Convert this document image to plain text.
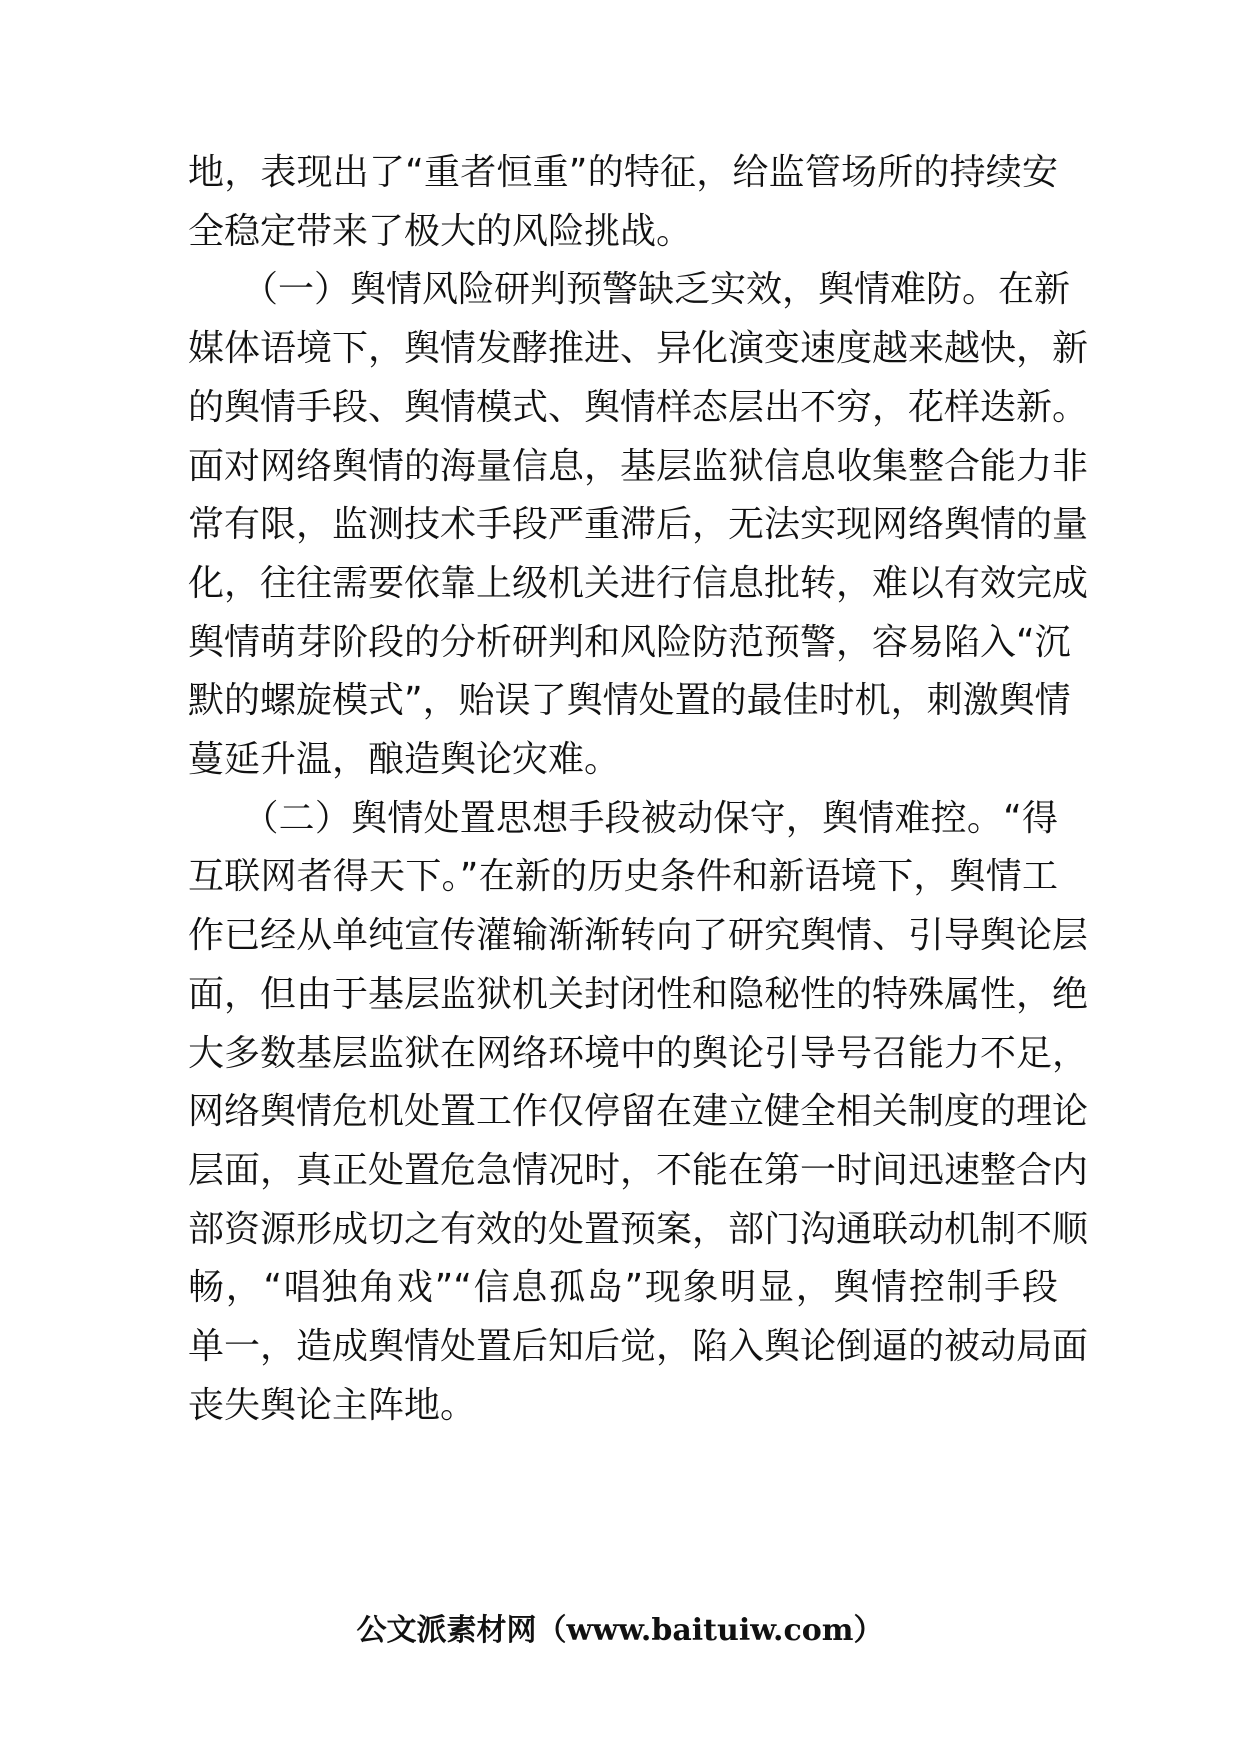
地，表现出了“重者恒重”的特征，给监管场所的持续安
全稳定带来了极大的风险挑战。
　　（一）舆情风险研判预警缺乏实效，舆情难防。在新
媒体语境下，舆情发酵推进、异化演变速度越来越快，新
的舆情手段、舆情模式、舆情样态层出不穷，花样迭新。
面对网络舆情的海量信息，基层监狱信息收集整合能力非
常有限，监测技术手段严重滞后，无法实现网络舆情的量
化，往往需要依靠上级机关进行信息批转，难以有效完成
舆情萌芽阶段的分析研判和风险防范预警，容易陷入“沉
默的螺旋模式”，贻误了舆情处置的最佳时机，刺激舆情
蔓延升温，酿造舆论灾难。
　　（二）舆情处置思想手段被动保守，舆情难控。“得
互联网者得天下。”在新的历史条件和新语境下，舆情工
作已经从单纯宣传灌输渐渐转向了研究舆情、引导舆论层
面，但由于基层监狱机关封闭性和隐秘性的特殊属性，绝
大多数基层监狱在网络环境中的舆论引导号召能力不足，
网络舆情危机处置工作仅停留在建立健全相关制度的理论
层面，真正处置危急情况时，不能在第一时间迅速整合内
部资源形成切之有效的处置预案，部门沟通联动机制不顺
畅，“唱独角戏”“信息孤岛”现象明显，舆情控制手段
单一，造成舆情处置后知后觉，陷入舆论倒逼的被动局面
丧失舆论主阵地。
公文派素材网（www.baituiw.com）
